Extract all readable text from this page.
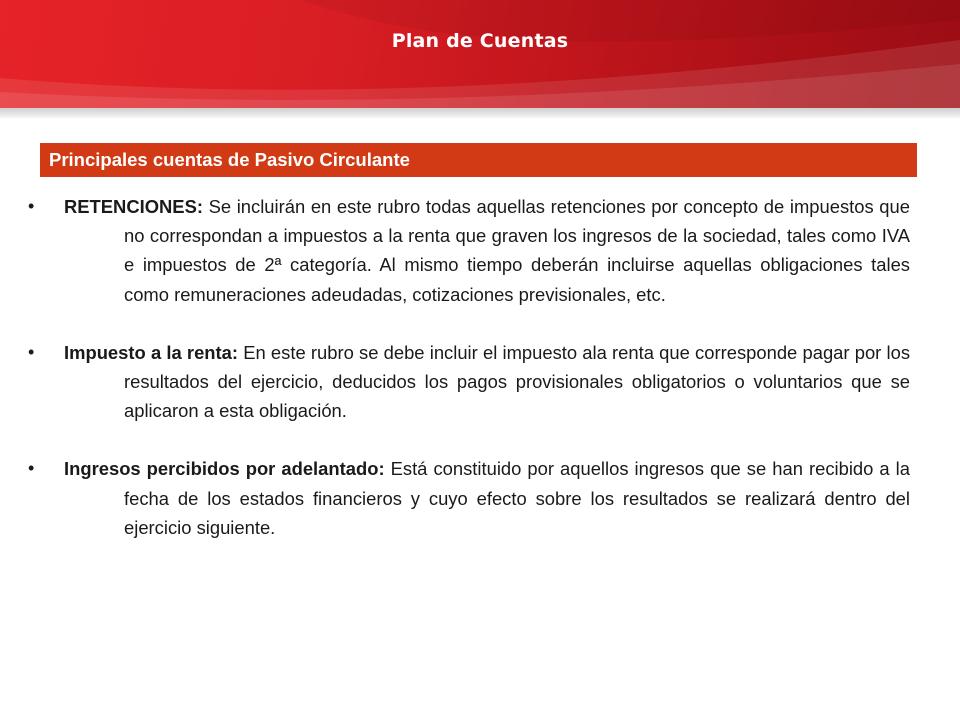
Plan de Cuentas
Principales cuentas de Pasivo Circulante
• RETENCIONES: Se incluirán en este rubro todas aquellas retenciones por concepto de impuestos que no correspondan a impuestos a la renta que graven los ingresos de la sociedad, tales como IVA e impuestos de 2ª categoría. Al mismo tiempo deberán incluirse aquellas obligaciones tales como remuneraciones adeudadas, cotizaciones previsionales, etc.
• Impuesto a la renta: En este rubro se debe incluir el impuesto ala renta que corresponde pagar por los resultados del ejercicio, deducidos los pagos provisionales obligatorios o voluntarios que se aplicaron a esta obligación.
• Ingresos percibidos por adelantado: Está constituido por aquellos ingresos que se han recibido a la fecha de los estados financieros y cuyo efecto sobre los resultados se realizará dentro del ejercicio siguiente.
